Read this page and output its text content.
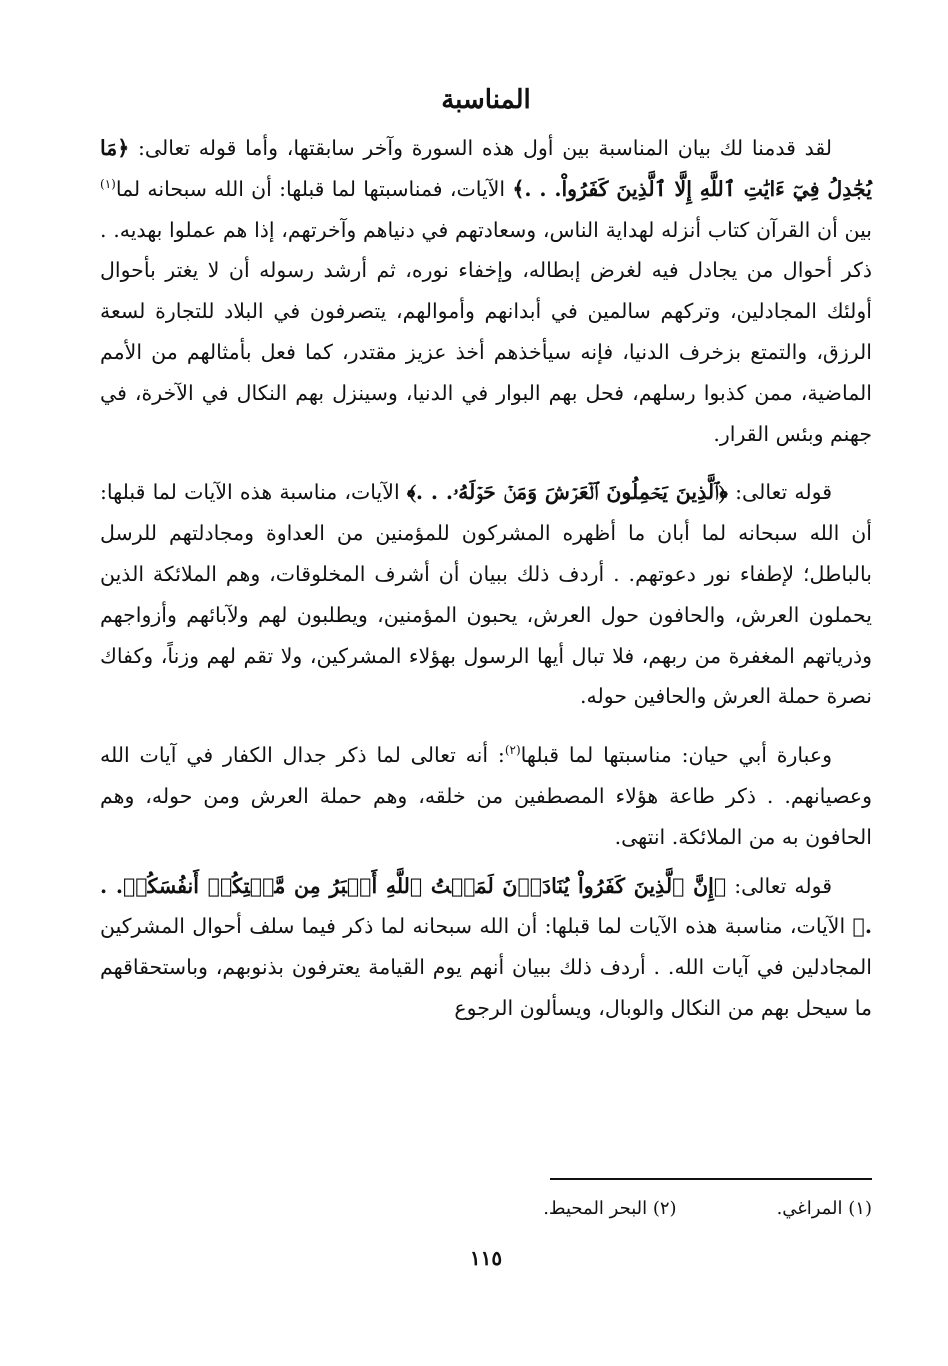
المناسبة

لقد قدمنا لك بيان المناسبة بين أول هذه السورة وآخر سابقتها، وأما قوله تعالى: ﴿مَا يُجَٰدِلُ فِيٓ ءَايَٰتِ ٱللَّهِ إِلَّا ٱلَّذِينَ كَفَرُواْ. . .﴾ الآيات، فمناسبتها لما قبلها: أن الله سبحانه لما$^{(١)}$ بين أن القرآن كتاب أنزله لهداية الناس، وسعادتهم في دنياهم وآخرتهم، إذا هم عملوا بهديه. . ذكر أحوال من يجادل فيه لغرض إبطاله، وإخفاء نوره، ثم أرشد رسوله أن لا يغتر بأحوال أولئك المجادلين، وتركهم سالمين في أبدانهم وأموالهم، يتصرفون في البلاد للتجارة لسعة الرزق، والتمتع بزخرف الدنيا، فإنه سيأخذهم أخذ عزيز مقتدر، كما فعل بأمثالهم من الأمم الماضية، ممن كذبوا رسلهم، فحل بهم البوار في الدنيا، وسينزل بهم النكال في الآخرة، في جهنم وبئس القرار.

قوله تعالى: ﴿ٱلَّذِينَ يَحۡمِلُونَ ٱلۡعَرۡشَ وَمَنۡ حَوۡلَهُۥ. . .﴾ الآيات، مناسبة هذه الآيات لما قبلها: أن الله سبحانه لما أبان ما أظهره المشركون للمؤمنين من العداوة ومجادلتهم للرسل بالباطل؛ لإطفاء نور دعوتهم. . أردف ذلك ببيان أن أشرف المخلوقات، وهم الملائكة الذين يحملون العرش، والحافون حول العرش، يحبون المؤمنين، ويطلبون لهم ولآبائهم وأزواجهم وذرياتهم المغفرة من ربهم، فلا تبال أيها الرسول بهؤلاء المشركين، ولا تقم لهم وزناً، وكفاك نصرة حملة العرش والحافين حوله.

وعبارة أبي حيان: مناسبتها لما قبلها$^{(٢)}$: أنه تعالى لما ذكر جدال الكفار في آيات الله وعصيانهم. . ذكر طاعة هؤلاء المصطفين من خلقه، وهم حملة العرش ومن حوله، وهم الحافون به من الملائكة. انتهى.

قوله تعالى: ﴿إِنَّ ٱلَّذِينَ كَفَرُواْ يُنَادَوۡنَ لَمَقۡتُ ٱللَّهِ أَكۡبَرُ مِن مَّقۡتِكُمۡ أَنفُسَكُمۡ. . .﴾ الآيات، مناسبة هذه الآيات لما قبلها: أن الله سبحانه لما ذكر فيما سلف أحوال المشركين المجادلين في آيات الله. . أردف ذلك ببيان أنهم يوم القيامة يعترفون بذنوبهم، وباستحقاقهم ما سيحل بهم من النكال والوبال، ويسألون الرجوع

(١) المراغي.
(٢) البحر المحيط.
١١٥
